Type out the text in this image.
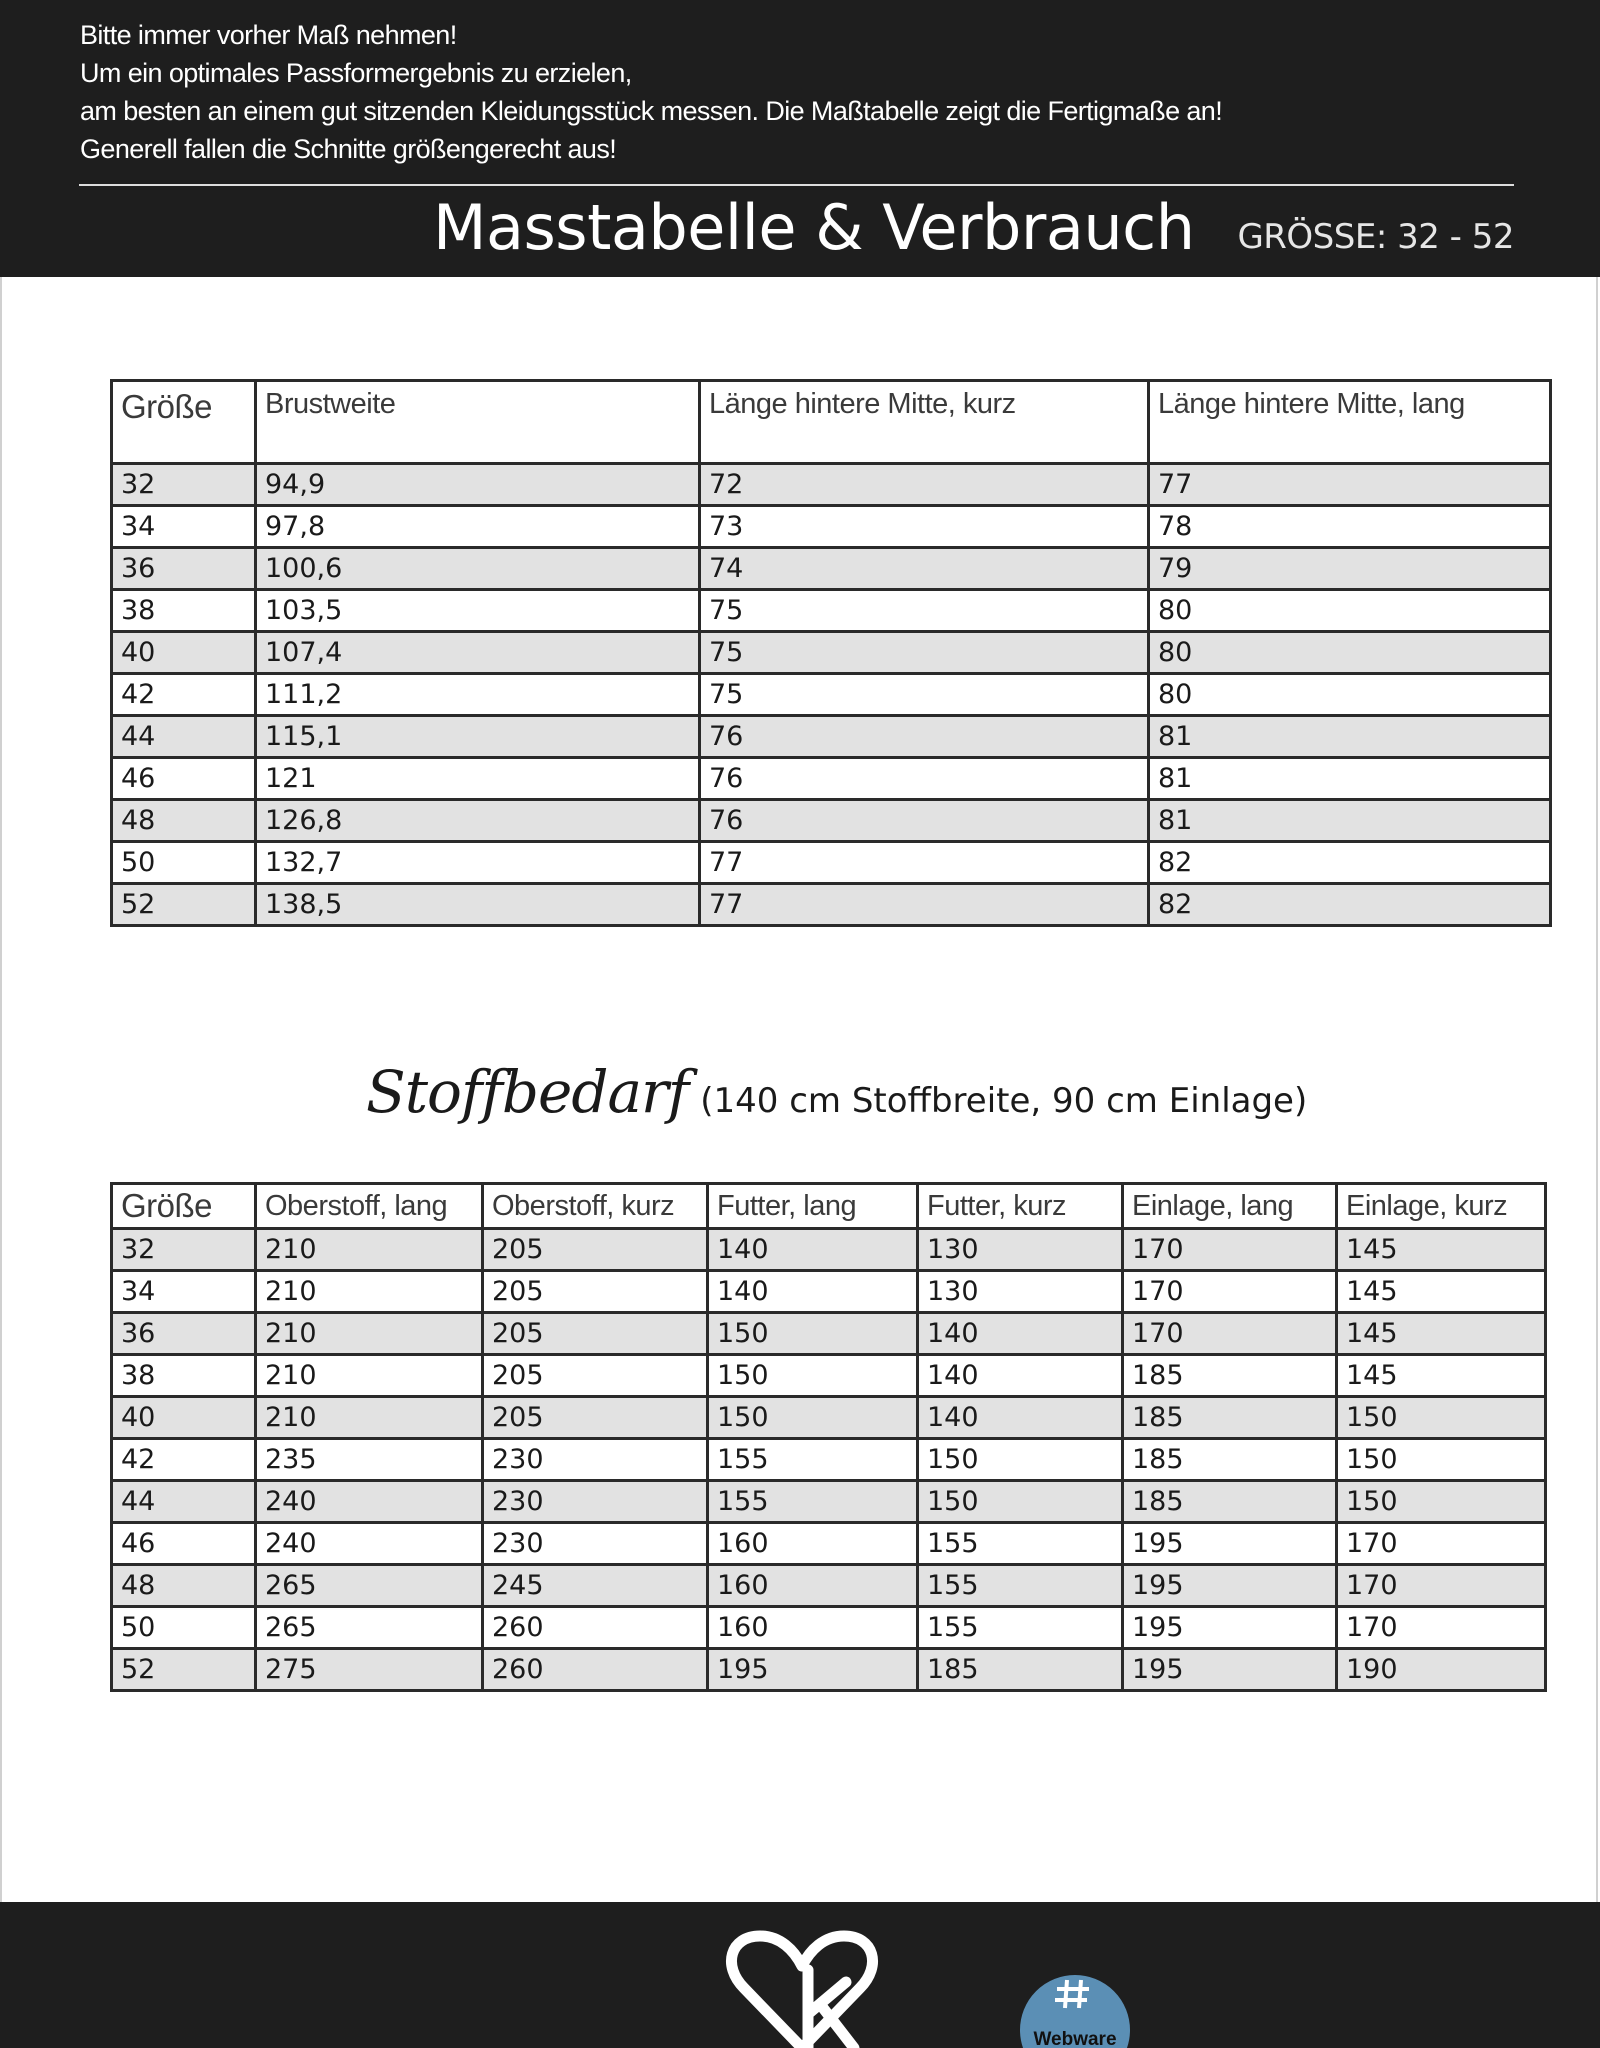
Bitte immer vorher Maß nehmen!
Um ein optimales Passformergebnis zu erzielen,
am besten an einem gut sitzenden Kleidungsstück messen. Die Maßtabelle zeigt die Fertigmaße an!
Generell fallen die Schnitte größengerecht aus!
Masstabelle & Verbrauch GRÖSSE: 32 - 52
Größe	Brustweite	Länge hintere Mitte, kurz	Länge hintere Mitte, lang
32	94,9	72	77
34	97,8	73	78
36	100,6	74	79
38	103,5	75	80
40	107,4	75	80
42	111,2	75	80
44	115,1	76	81
46	121	76	81
48	126,8	76	81
50	132,7	77	82
52	138,5	77	82
Stoffbedarf (140 cm Stoffbreite, 90 cm Einlage)
Größe	Oberstoff, lang	Oberstoff, kurz	Futter, lang	Futter, kurz	Einlage, lang	Einlage, kurz
32	210	205	140	130	170	145
34	210	205	140	130	170	145
36	210	205	150	140	170	145
38	210	205	150	140	185	145
40	210	205	150	140	185	150
42	235	230	155	150	185	150
44	240	230	155	150	185	150
46	240	230	160	155	195	170
48	265	245	160	155	195	170
50	265	260	160	155	195	170
52	275	260	195	185	195	190
Webware
